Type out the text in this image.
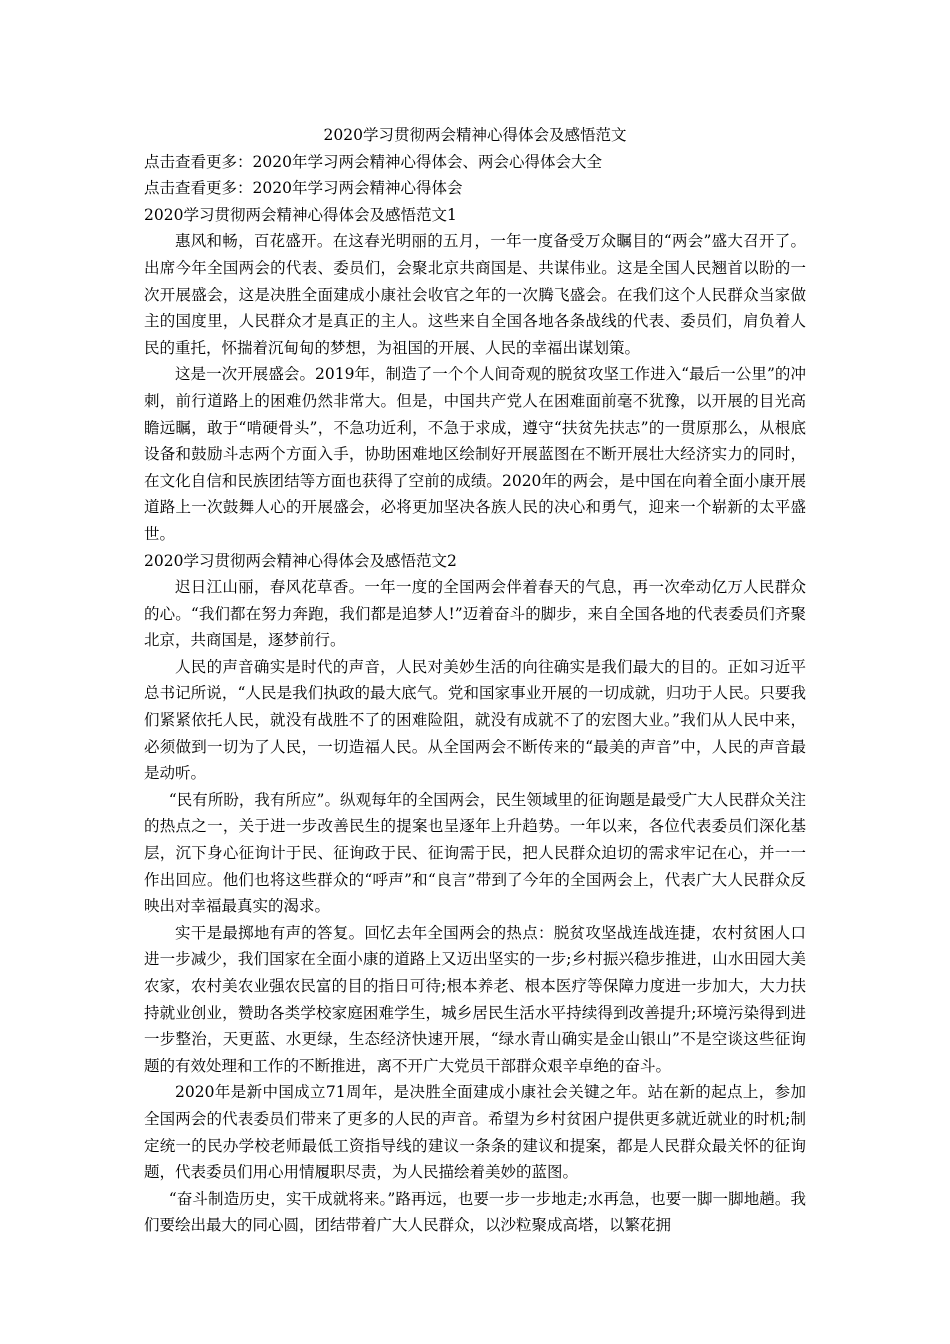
2020学习贯彻两会精神心得体会及感悟范文

点击查看更多：2020年学习两会精神心得体会、两会心得体会大全

点击查看更多：2020年学习两会精神心得体会

2020学习贯彻两会精神心得体会及感悟范文1

惠风和畅，百花盛开。在这春光明丽的五月，一年一度备受万众瞩目的“两会”盛大召开了。出席今年全国两会的代表、委员们，会聚北京共商国是、共谋伟业。这是全国人民翘首以盼的一次开展盛会，这是决胜全面建成小康社会收官之年的一次腾飞盛会。在我们这个人民群众当家做主的国度里，人民群众才是真正的主人。这些来自全国各地各条战线的代表、委员们，肩负着人民的重托，怀揣着沉甸甸的梦想，为祖国的开展、人民的幸福出谋划策。

这是一次开展盛会。2019年，制造了一个个人间奇观的脱贫攻坚工作进入“最后一公里”的冲刺，前行道路上的困难仍然非常大。但是，中国共产党人在困难面前毫不犹豫，以开展的目光高瞻远瞩，敢于“啃硬骨头”，不急功近利，不急于求成，遵守“扶贫先扶志”的一贯原那么，从根底设备和鼓励斗志两个方面入手，协助困难地区绘制好开展蓝图在不断开展壮大经济实力的同时，在文化自信和民族团结等方面也获得了空前的成绩。2020年的两会，是中国在向着全面小康开展道路上一次鼓舞人心的开展盛会，必将更加坚决各族人民的决心和勇气，迎来一个崭新的太平盛世。

2020学习贯彻两会精神心得体会及感悟范文2

迟日江山丽，春风花草香。一年一度的全国两会伴着春天的气息，再一次牵动亿万人民群众的心。“我们都在努力奔跑，我们都是追梦人!”迈着奋斗的脚步，来自全国各地的代表委员们齐聚北京，共商国是，逐梦前行。

人民的声音确实是时代的声音，人民对美妙生活的向往确实是我们最大的目的。正如习近平总书记所说，“人民是我们执政的最大底气。党和国家事业开展的一切成就，归功于人民。只要我们紧紧依托人民，就没有战胜不了的困难险阻，就没有成就不了的宏图大业。”我们从人民中来，必须做到一切为了人民，一切造福人民。从全国两会不断传来的“最美的声音”中，人民的声音最是动听。

“民有所盼，我有所应”。纵观每年的全国两会，民生领域里的征询题是最受广大人民群众关注的热点之一，关于进一步改善民生的提案也呈逐年上升趋势。一年以来，各位代表委员们深化基层，沉下身心征询计于民、征询政于民、征询需于民，把人民群众迫切的需求牢记在心，并一一作出回应。他们也将这些群众的“呼声”和“良言”带到了今年的全国两会上，代表广大人民群众反映出对幸福最真实的渴求。

实干是最掷地有声的答复。回忆去年全国两会的热点：脱贫攻坚战连战连捷，农村贫困人口进一步减少，我们国家在全面小康的道路上又迈出坚实的一步;乡村振兴稳步推进，山水田园大美农家，农村美农业强农民富的目的指日可待;根本养老、根本医疗等保障力度进一步加大，大力扶持就业创业，赞助各类学校家庭困难学生，城乡居民生活水平持续得到改善提升;环境污染得到进一步整治，天更蓝、水更绿，生态经济快速开展，“绿水青山确实是金山银山”不是空谈这些征询题的有效处理和工作的不断推进，离不开广大党员干部群众艰辛卓绝的奋斗。

2020年是新中国成立71周年，是决胜全面建成小康社会关键之年。站在新的起点上，参加全国两会的代表委员们带来了更多的人民的声音。希望为乡村贫困户提供更多就近就业的时机;制定统一的民办学校老师最低工资指导线的建议一条条的建议和提案，都是人民群众最关怀的征询题，代表委员们用心用情履职尽责，为人民描绘着美妙的蓝图。

“奋斗制造历史，实干成就将来。”路再远，也要一步一步地走;水再急，也要一脚一脚地趟。我们要绘出最大的同心圆，团结带着广大人民群众，以沙粒聚成高塔，以繁花拥
